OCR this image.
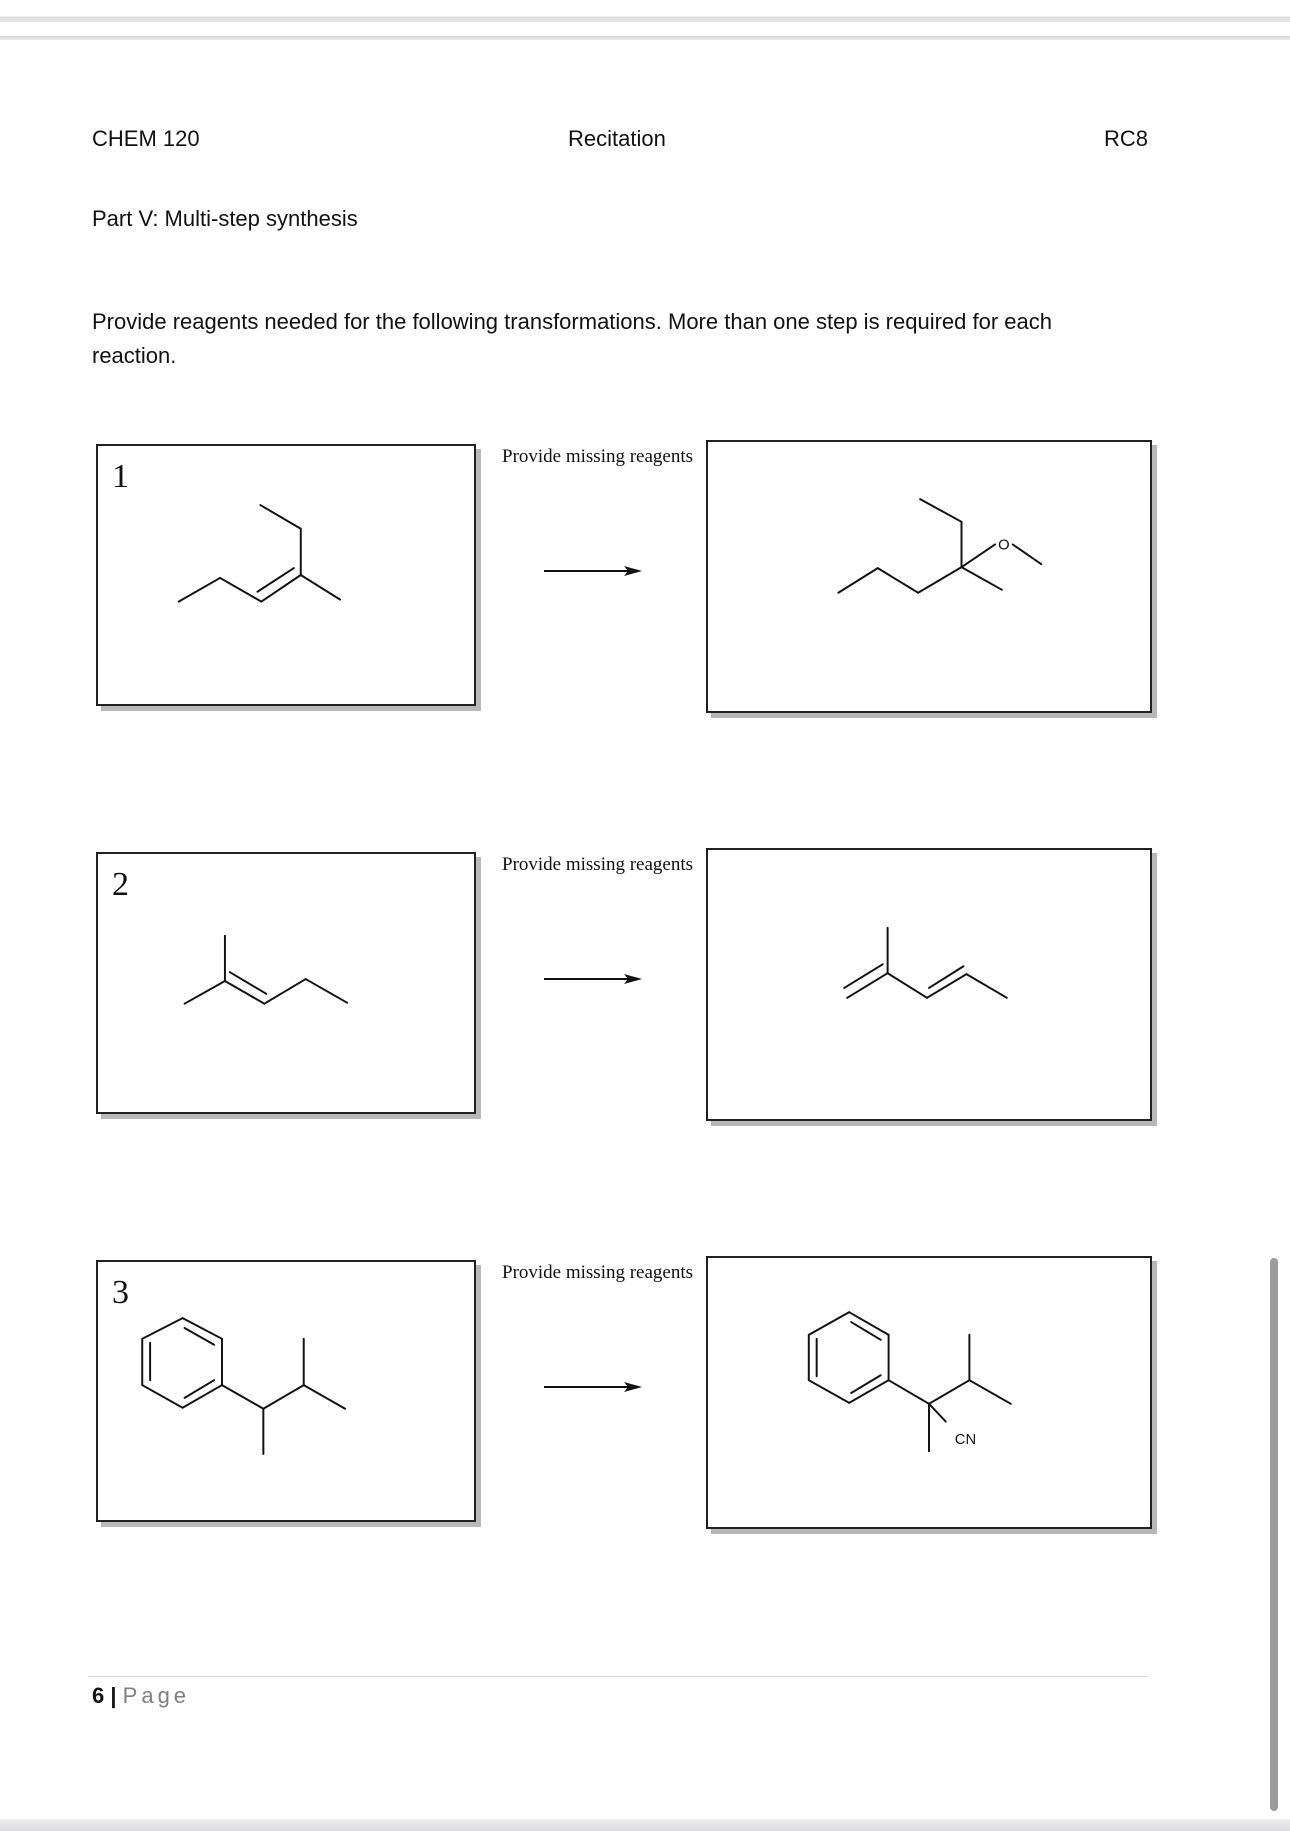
CHEM 120	Recitation	RC8
Part V: Multi-step synthesis
Provide reagents needed for the following transformations. More than one step is required for each reaction.
1
Provide missing reagents
O
2
Provide missing reagents
3
Provide missing reagents
CN
6 | Page
